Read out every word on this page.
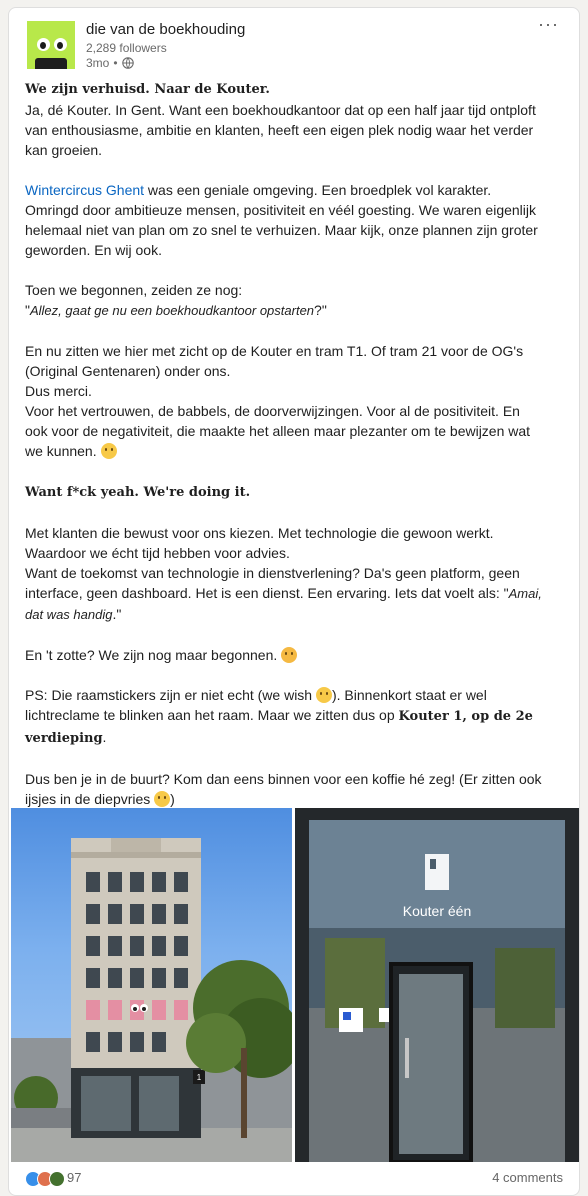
die van de boekhouding
2,289 followers
3mo •
···

We zijn verhuisd. Naar de Kouter.
Ja, dé Kouter. In Gent. Want een boekhoudkantoor dat op een half jaar tijd ontploft van enthousiasme, ambitie en klanten, heeft een eigen plek nodig waar het verder kan groeien.

Wintercircus Ghent was een geniale omgeving. Een broedplek vol karakter. Omringd door ambitieuze mensen, positiviteit en véél goesting. We waren eigenlijk helemaal niet van plan om zo snel te verhuizen. Maar kijk, onze plannen zijn groter geworden. En wij ook.

Toen we begonnen, zeiden ze nog:
"Allez, gaat ge nu een boekhoudkantoor opstarten?"

En nu zitten we hier met zicht op de Kouter en tram T1. Of tram 21 voor de OG's (Original Gentenaren) onder ons.
Dus merci.
Voor het vertrouwen, de babbels, de doorverwijzingen. Voor al de positiviteit. En ook voor de negativiteit, die maakte het alleen maar plezanter om te bewijzen wat we kunnen.

Want f*ck yeah. We're doing it.

Met klanten die bewust voor ons kiezen. Met technologie die gewoon werkt. Waardoor we écht tijd hebben voor advies.
Want de toekomst van technologie in dienstverlening? Da's geen platform, geen interface, geen dashboard. Het is een dienst. Een ervaring. Iets dat voelt als: "Amai, dat was handig."

En 't zotte? We zijn nog maar begonnen.

PS: Die raamstickers zijn er niet echt (we wish ). Binnenkort staat er wel lichtreclame te blinken aan het raam. Maar we zitten dus op Kouter 1, op de 2e verdieping.

Dus ben je in de buurt? Kom dan eens binnen voor een koffie hé zeg! (Er zitten ook ijsjes in de diepvries )

1
Kouter één
97	4 comments
